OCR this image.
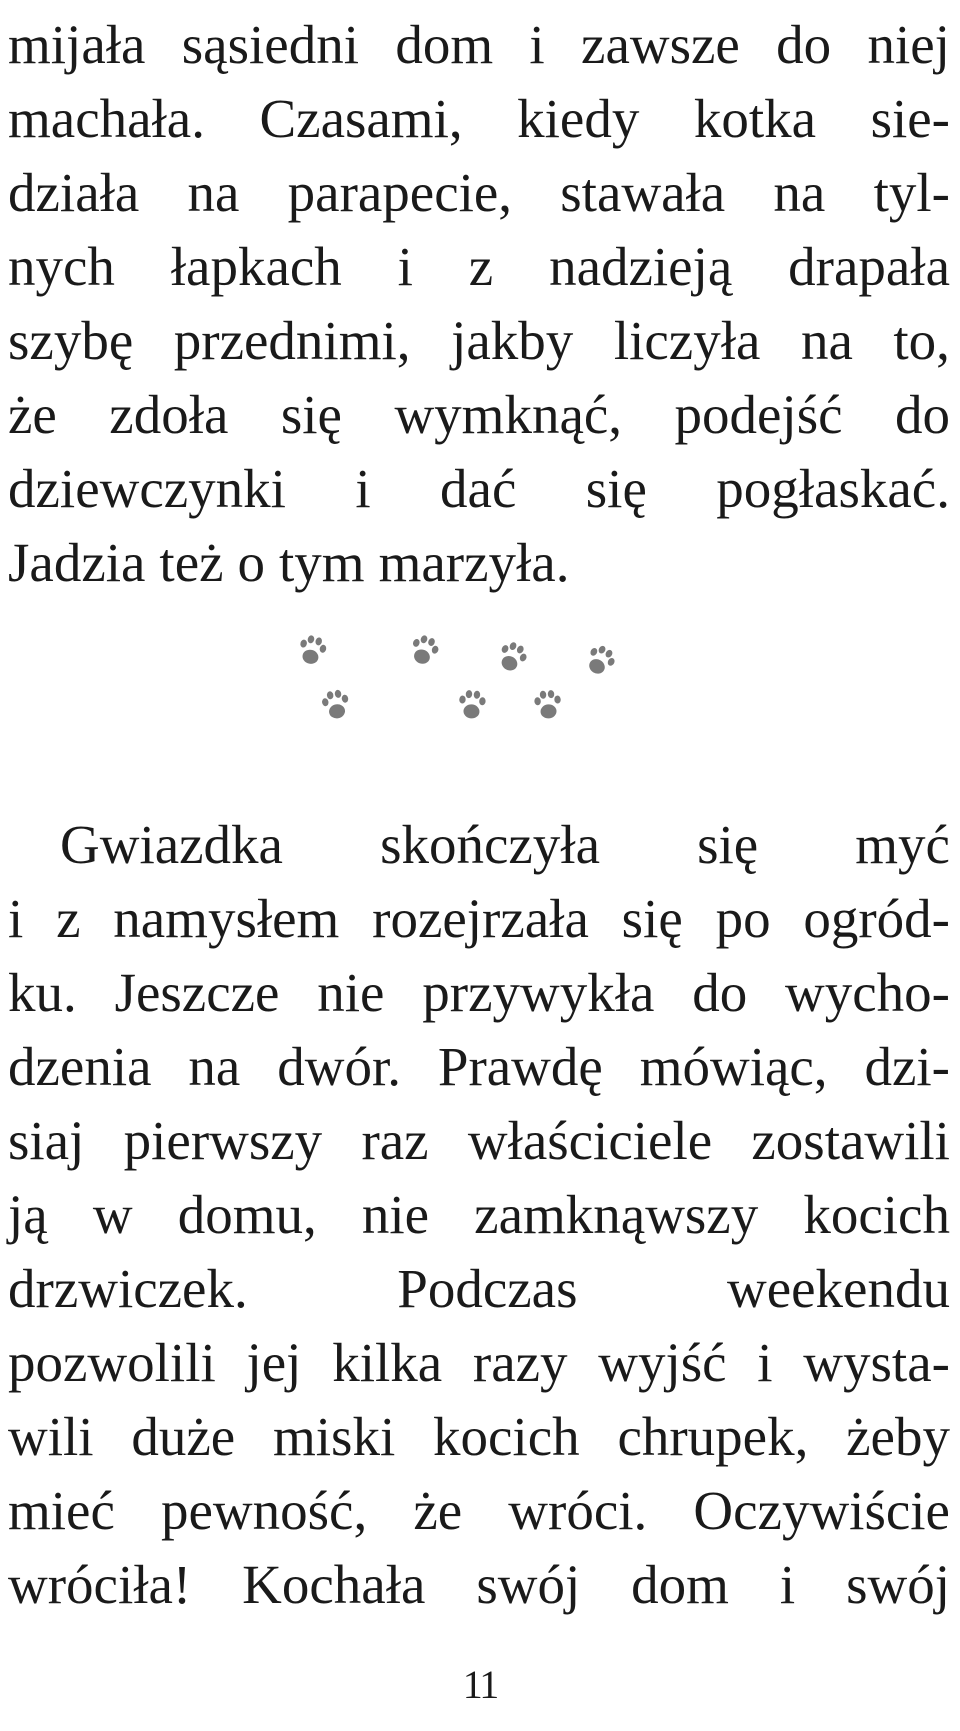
mijała sąsiedni dom i zawsze do niej
machała. Czasami, kiedy kotka sie-
działa na parapecie, stawała na tyl-
nych łapkach i z nadzieją drapała
szybę przednimi, jakby liczyła na to,
że zdoła się wymknąć, podejść do
dziewczynki i dać się pogłaskać.
Jadzia też o tym marzyła.
Gwiazdka skończyła się myć
i z namysłem rozejrzała się po ogród-
ku. Jeszcze nie przywykła do wycho-
dzenia na dwór. Prawdę mówiąc, dzi-
siaj pierwszy raz właściciele zostawili
ją w domu, nie zamknąwszy kocich
drzwiczek.	Podczas	weekendu
pozwolili jej kilka razy wyjść i wysta-
wili duże miski kocich chrupek, żeby
mieć pewność, że wróci. Oczywiście
wróciła! Kochała swój dom i swój
11
